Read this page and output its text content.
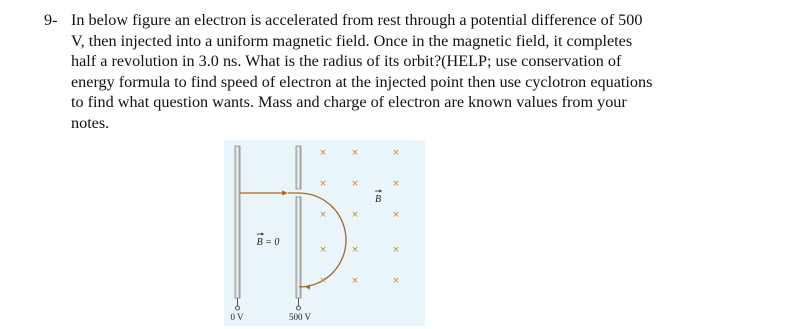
9- In below figure an electron is accelerated from rest through a potential difference of 500
V, then injected into a uniform magnetic field. Once in the magnetic field, it completes
half a revolution in 3.0 ns. What is the radius of its orbit?(HELP; use conservation of
energy formula to find speed of electron at the injected point then use cyclotron equations
to find what question wants. Mass and charge of electron are known values from your
notes.
×	×	×
×	×	×
×	×	×
×	×	×
×	×	×
B
B = 0
0 V	500 V
